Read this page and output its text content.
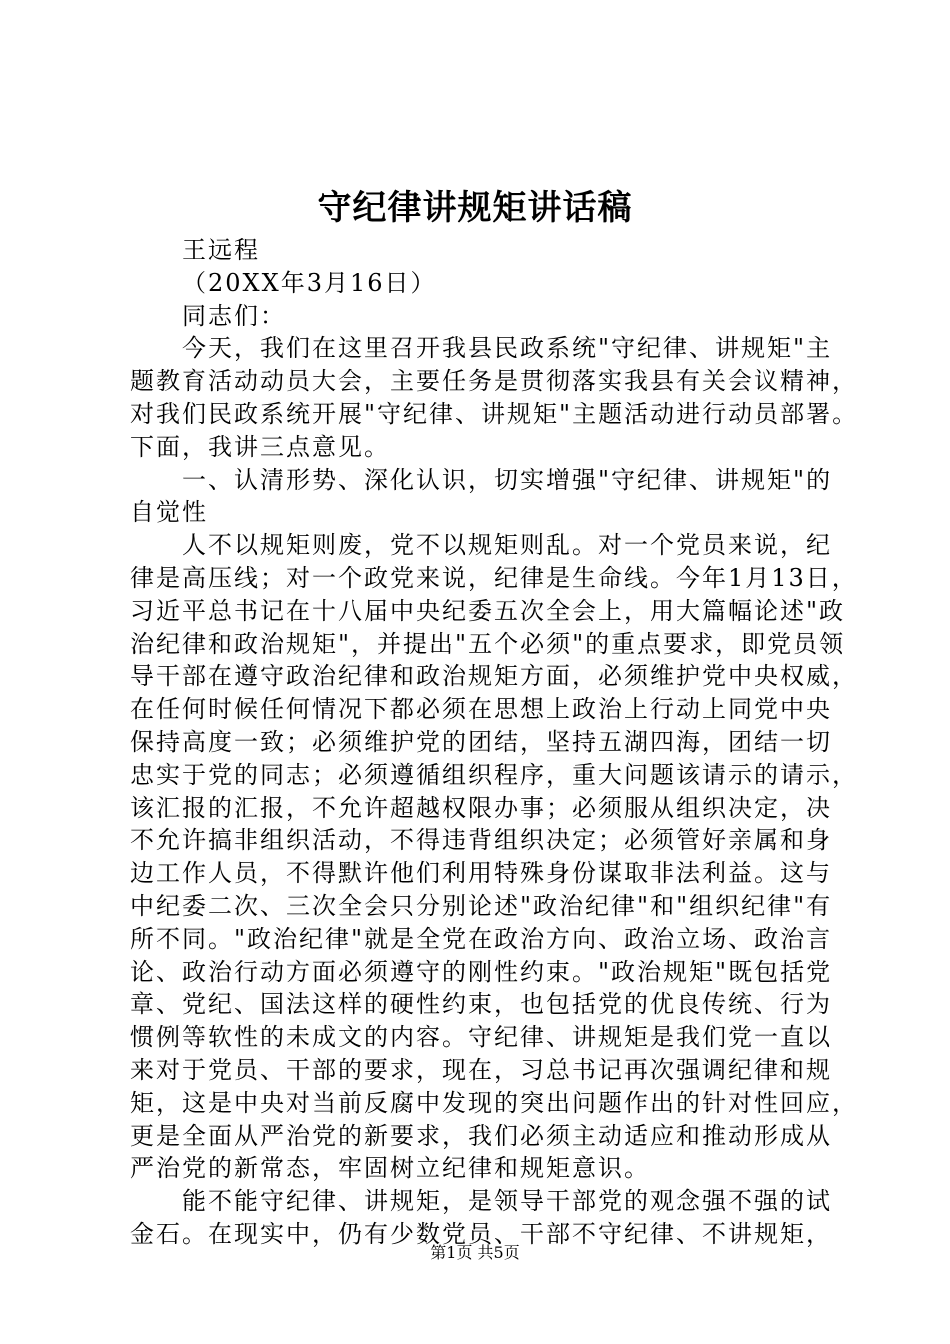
守纪律讲规矩讲话稿
王远程
（20XX年3月16日）
同志们：
今天，我们在这里召开我县民政系统"守纪律、讲规矩"主
题教育活动动员大会，主要任务是贯彻落实我县有关会议精神，
对我们民政系统开展"守纪律、讲规矩"主题活动进行动员部署。
下面，我讲三点意见。
一、认清形势、深化认识，切实增强"守纪律、讲规矩"的
自觉性
人不以规矩则废，党不以规矩则乱。对一个党员来说，纪
律是高压线；对一个政党来说，纪律是生命线。今年1月13日，
习近平总书记在十八届中央纪委五次全会上，用大篇幅论述"政
治纪律和政治规矩"，并提出"五个必须"的重点要求，即党员领
导干部在遵守政治纪律和政治规矩方面，必须维护党中央权威，
在任何时候任何情况下都必须在思想上政治上行动上同党中央
保持高度一致；必须维护党的团结，坚持五湖四海，团结一切
忠实于党的同志；必须遵循组织程序，重大问题该请示的请示，
该汇报的汇报，不允许超越权限办事；必须服从组织决定，决
不允许搞非组织活动，不得违背组织决定；必须管好亲属和身
边工作人员，不得默许他们利用特殊身份谋取非法利益。这与
中纪委二次、三次全会只分别论述"政治纪律"和"组织纪律"有
所不同。"政治纪律"就是全党在政治方向、政治立场、政治言
论、政治行动方面必须遵守的刚性约束。"政治规矩"既包括党
章、党纪、国法这样的硬性约束，也包括党的优良传统、行为
惯例等软性的未成文的内容。守纪律、讲规矩是我们党一直以
来对于党员、干部的要求，现在，习总书记再次强调纪律和规
矩，这是中央对当前反腐中发现的突出问题作出的针对性回应，
更是全面从严治党的新要求，我们必须主动适应和推动形成从
严治党的新常态，牢固树立纪律和规矩意识。
能不能守纪律、讲规矩，是领导干部党的观念强不强的试
金石。在现实中，仍有少数党员、干部不守纪律、不讲规矩，
第1页 共5页
